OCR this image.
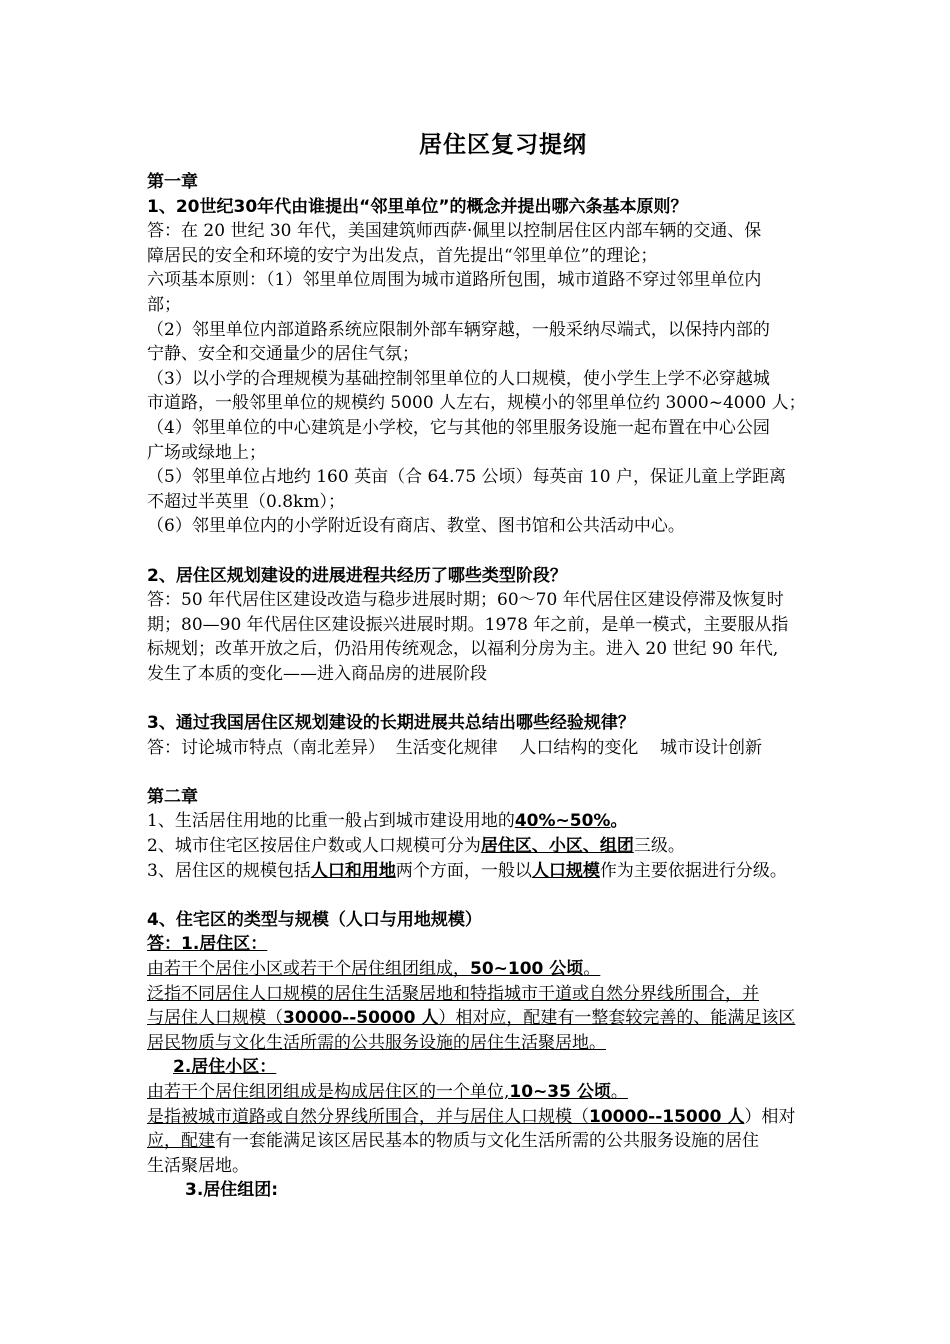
居住区复习提纲
第一章
1、20世纪30年代由谁提出“邻里单位”的概念并提出哪六条基本原则？
答：在 20 世纪 30 年代，美国建筑师西萨·佩里以控制居住区内部车辆的交通、保
障居民的安全和环境的安宁为出发点，首先提出“邻里单位”的理论；
六项基本原则：（1）邻里单位周围为城市道路所包围，城市道路不穿过邻里单位内
部；
（2）邻里单位内部道路系统应限制外部车辆穿越，一般采纳尽端式，以保持内部的
宁静、安全和交通量少的居住气氛；
（3）以小学的合理规模为基础控制邻里单位的人口规模，使小学生上学不必穿越城
市道路，一般邻里单位的规模约 5000 人左右，规模小的邻里单位约 3000~4000 人；
（4）邻里单位的中心建筑是小学校，它与其他的邻里服务设施一起布置在中心公园
广场或绿地上；
（5）邻里单位占地约 160 英亩（合 64.75 公顷）每英亩 10 户，保证儿童上学距离
不超过半英里（0.8km）；
（6）邻里单位内的小学附近设有商店、教堂、图书馆和公共活动中心。
2、居住区规划建设的进展进程共经历了哪些类型阶段？
答：50 年代居住区建设改造与稳步进展时期；60～70 年代居住区建设停滞及恢复时
期；80—90 年代居住区建设振兴进展时期。1978 年之前，是单一模式，主要服从指
标规划；改革开放之后，仍沿用传统观念，以福利分房为主。进入 20 世纪 90 年代,
发生了本质的变化——进入商品房的进展阶段
3、通过我国居住区规划建设的长期进展共总结出哪些经验规律？
答：讨论城市特点（南北差异）  生活变化规律    人口结构的变化    城市设计创新
第二章
1、生活居住用地的比重一般占到城市建设用地的40%~50%。
2、城市住宅区按居住户数或人口规模可分为居住区、小区、组团三级。
3、居住区的规模包括人口和用地两个方面，一般以人口规模作为主要依据进行分级。
4、住宅区的类型与规模（人口与用地规模）
答：1.居住区：
由若干个居住小区或若干个居住组团组成，50~100 公顷。
泛指不同居住人口规模的居住生活聚居地和特指城市干道或自然分界线所围合，并
与居住人口规模（30000--50000 人）相对应，配建有一整套较完善的、能满足该区
居民物质与文化生活所需的公共服务设施的居住生活聚居地。
2.居住小区：
由若干个居住组团组成是构成居住区的一个单位,10~35 公顷。
是指被城市道路或自然分界线所围合，并与居住人口规模（10000--15000 人）相对
应，配建有一套能满足该区居民基本的物质与文化生活所需的公共服务设施的居住
生活聚居地。
3.居住组团:
